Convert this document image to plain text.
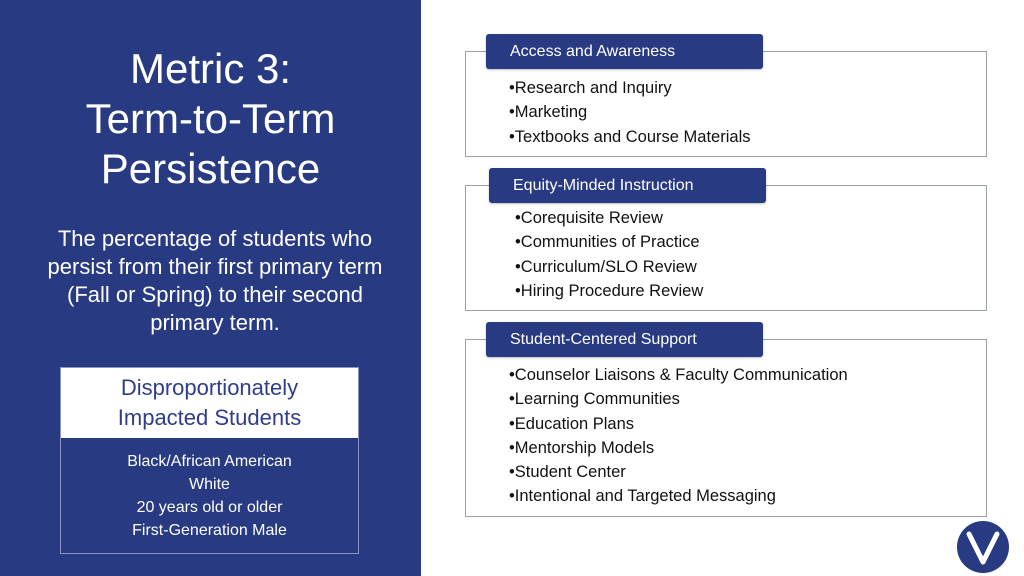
Metric 3:
Term-to-Term
Persistence
The percentage of students who persist from their first primary term (Fall or Spring) to their second primary term.
Disproportionately
Impacted Students
Black/African American
White
20 years old or older
First-Generation Male
Access and Awareness
• Research and Inquiry
• Marketing
• Textbooks and Course Materials
Equity-Minded Instruction
• Corequisite Review
• Communities of Practice
• Curriculum/SLO Review
• Hiring Procedure Review
Student-Centered Support
• Counselor Liaisons & Faculty Communication
• Learning Communities
• Education Plans
• Mentorship Models
• Student Center
• Intentional and Targeted Messaging
